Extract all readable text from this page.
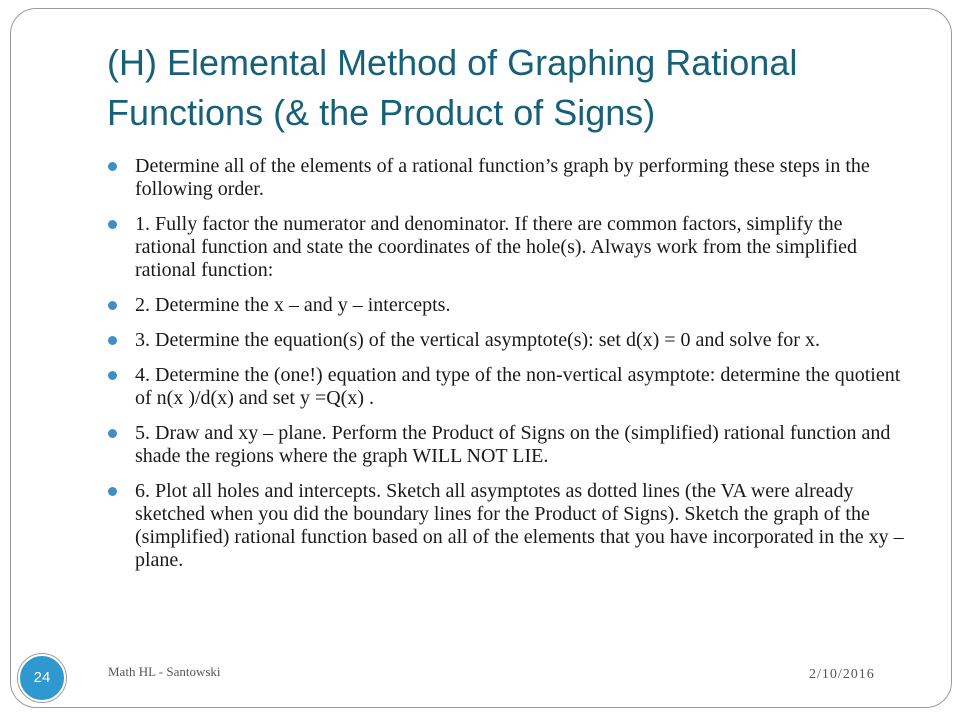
(H) Elemental Method of Graphing Rational Functions (& the Product of Signs)
Determine all of the elements of a rational function’s graph by performing these steps in the following order.
1. Fully factor the numerator and denominator. If there are common factors, simplify the rational function and state the coordinates of the hole(s). Always work from the simplified rational function:
2. Determine the x – and y – intercepts.
3. Determine the equation(s) of the vertical asymptote(s): set d(x) = 0 and solve for x.
4. Determine the (one!) equation and type of the non-vertical asymptote: determine the quotient of n(x )/d(x) and set y =Q(x) .
5. Draw and xy – plane. Perform the Product of Signs on the (simplified) rational function and shade the regions where the graph WILL NOT LIE.
6. Plot all holes and intercepts. Sketch all asymptotes as dotted lines (the VA were already sketched when you did the boundary lines for the Product of Signs). Sketch the graph of the (simplified) rational function based on all of the elements that you have incorporated in the xy – plane.
24	Math HL - Santowski	2/10/2016
